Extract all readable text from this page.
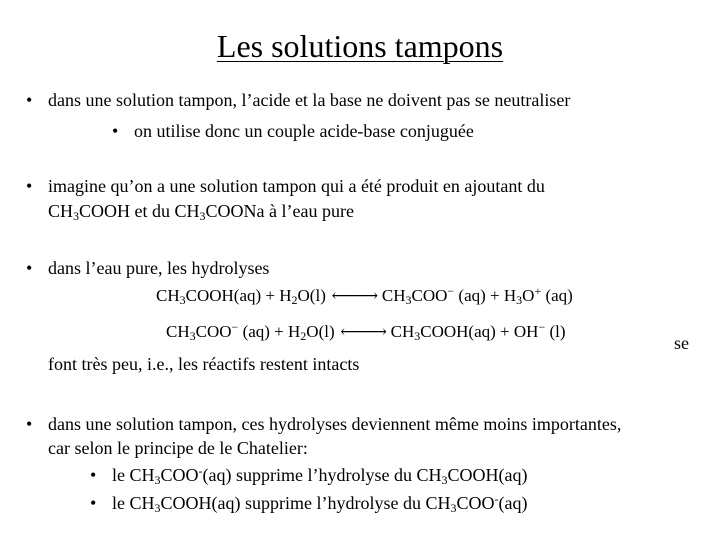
Les solutions tampons
• dans une solution tampon, l’acide et la base ne doivent pas se neutraliser
• on utilise donc un couple acide-base conjuguée
• imagine qu’on a une solution tampon qui a été produit en ajoutant du
$CH_3COOH$ et du $CH_3COONa$ à l’eau pure
• dans l’eau pure, les hydrolyses
$CH_3COOH(aq) + H_2O(l)$ ⟵⟶ $CH_3COO^-$ $(aq) + H_3O^+$ (aq)
$CH_3COO^-$ $(aq) + H_2O(l)$ ⟵⟶ $CH_3COOH(aq) + OH^-$ (l)
se
font très peu, i.e., les réactifs restent intacts
• dans une solution tampon, ces hydrolyses deviennent même moins importantes,
car selon le principe de le Chatelier:
• le $CH_3COO^-(aq)$ supprime l’hydrolyse du $CH_3COOH(aq)$
• le $CH_3COOH(aq)$ supprime l’hydrolyse du $CH_3COO^-(aq)$
